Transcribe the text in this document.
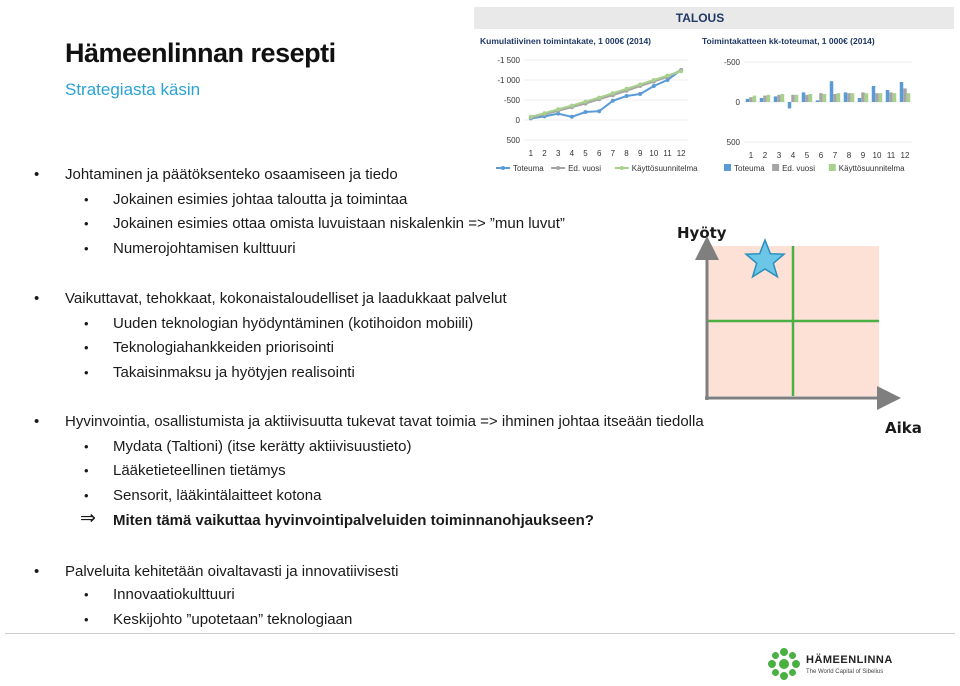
Hämeenlinnan resepti
Strategiasta käsin
• Johtaminen ja päätöksenteko osaamiseen ja tiedo
• Jokainen esimies johtaa taloutta ja toimintaa
• Jokainen esimies ottaa omista luvuistaan niskalenkin => ”mun luvut”
• Numerojohtamisen kulttuuri
• Vaikuttavat, tehokkaat, kokonaistaloudelliset ja laadukkaat palvelut
• Uuden teknologian hyödyntäminen (kotihoidon mobiili)
• Teknologiahankkeiden priorisointi
• Takaisinmaksu ja hyötyjen realisointi
• Hyvinvointia, osallistumista ja aktiivisuutta tukevat tavat toimia => ihminen johtaa itseään tiedolla
• Mydata (Taltioni) (itse kerätty aktiivisuustieto)
• Lääketieteellinen tietämys
• Sensorit, lääkintälaitteet kotona
⇒ Miten tämä vaikuttaa hyvinvointipalveluiden toiminnanohjaukseen?
• Palveluita kehitetään oivaltavasti ja innovatiivisesti
• Innovaatiokulttuuri
• Keskijohto ”upotetaan” teknologiaan
TALOUS
Kumulatiivinen toimintakate, 1 000€ (2014)	Toimintakatteen kk-toteumat, 1 000€ (2014)
-1 500
-1 000
-500
0
500
1 2 3 4 5 6 7 8 9 10 11 12
Toteuma	Ed. vuosi	Käyttösuunnitelma
-500
0
500
1 2 3 4 5 6 7 8 9 10 11 12
Toteuma Ed. vuosi	Käyttösuunnitelma
Hyöty
Aika
HÄMEENLINNA
The World Capital of Sibelius
